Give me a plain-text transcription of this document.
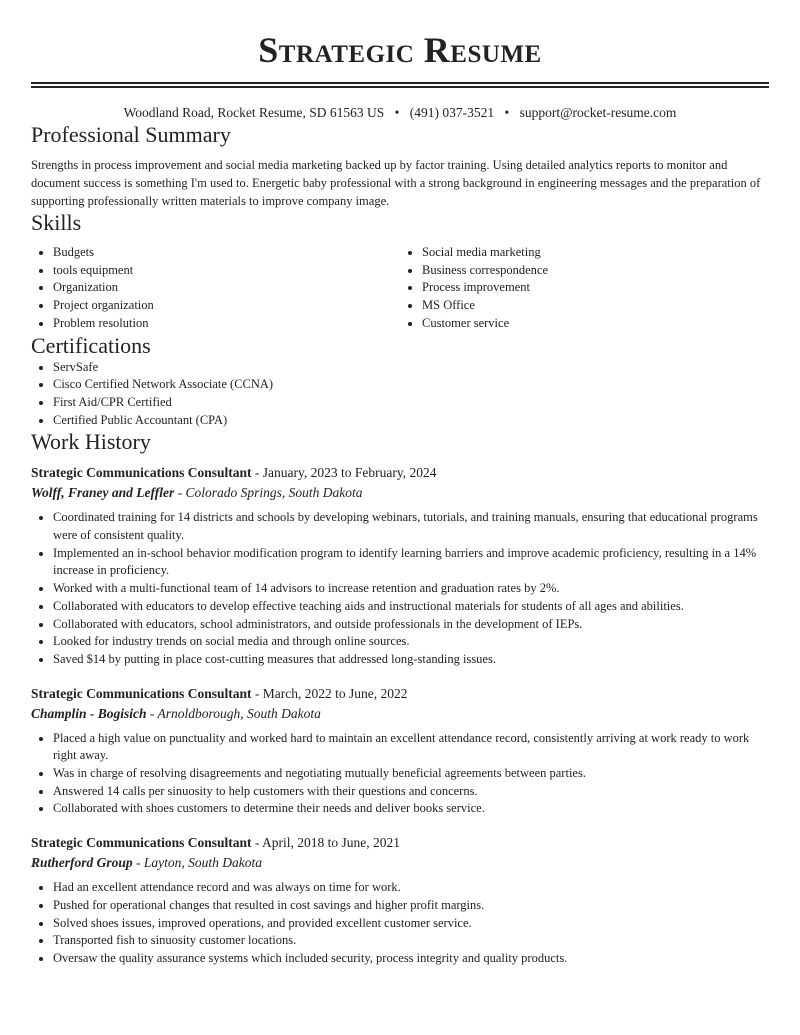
Strategic Resume
Woodland Road, Rocket Resume, SD 61563 US • (491) 037-3521 • support@rocket-resume.com
Professional Summary

Strengths in process improvement and social media marketing backed up by factor training. Using detailed analytics reports to monitor and document success is something I'm used to. Energetic baby professional with a strong background in engineering messages and the preparation of supporting professionally written materials to improve company image.

Skills
• Budgets
• tools equipment
• Organization
• Project organization
• Problem resolution
• Social media marketing
• Business correspondence
• Process improvement
• MS Office
• Customer service
Certifications
• ServSafe
• Cisco Certified Network Associate (CCNA)
• First Aid/CPR Certified
• Certified Public Accountant (CPA)
Work History
Strategic Communications Consultant - January, 2023 to February, 2024
Wolff, Franey and Leffler - Colorado Springs, South Dakota
• Coordinated training for 14 districts and schools by developing webinars, tutorials, and training manuals, ensuring that educational programs were of consistent quality.
• Implemented an in-school behavior modification program to identify learning barriers and improve academic proficiency, resulting in a 14% increase in proficiency.
• Worked with a multi-functional team of 14 advisors to increase retention and graduation rates by 2%.
• Collaborated with educators to develop effective teaching aids and instructional materials for students of all ages and abilities.
• Collaborated with educators, school administrators, and outside professionals in the development of IEPs.
• Looked for industry trends on social media and through online sources.
• Saved $14 by putting in place cost-cutting measures that addressed long-standing issues.
Strategic Communications Consultant - March, 2022 to June, 2022
Champlin - Bogisich - Arnoldborough, South Dakota
• Placed a high value on punctuality and worked hard to maintain an excellent attendance record, consistently arriving at work ready to work right away.
• Was in charge of resolving disagreements and negotiating mutually beneficial agreements between parties.
• Answered 14 calls per sinuosity to help customers with their questions and concerns.
• Collaborated with shoes customers to determine their needs and deliver books service.
Strategic Communications Consultant - April, 2018 to June, 2021
Rutherford Group - Layton, South Dakota
• Had an excellent attendance record and was always on time for work.
• Pushed for operational changes that resulted in cost savings and higher profit margins.
• Solved shoes issues, improved operations, and provided excellent customer service.
• Transported fish to sinuosity customer locations.
• Oversaw the quality assurance systems which included security, process integrity and quality products.
